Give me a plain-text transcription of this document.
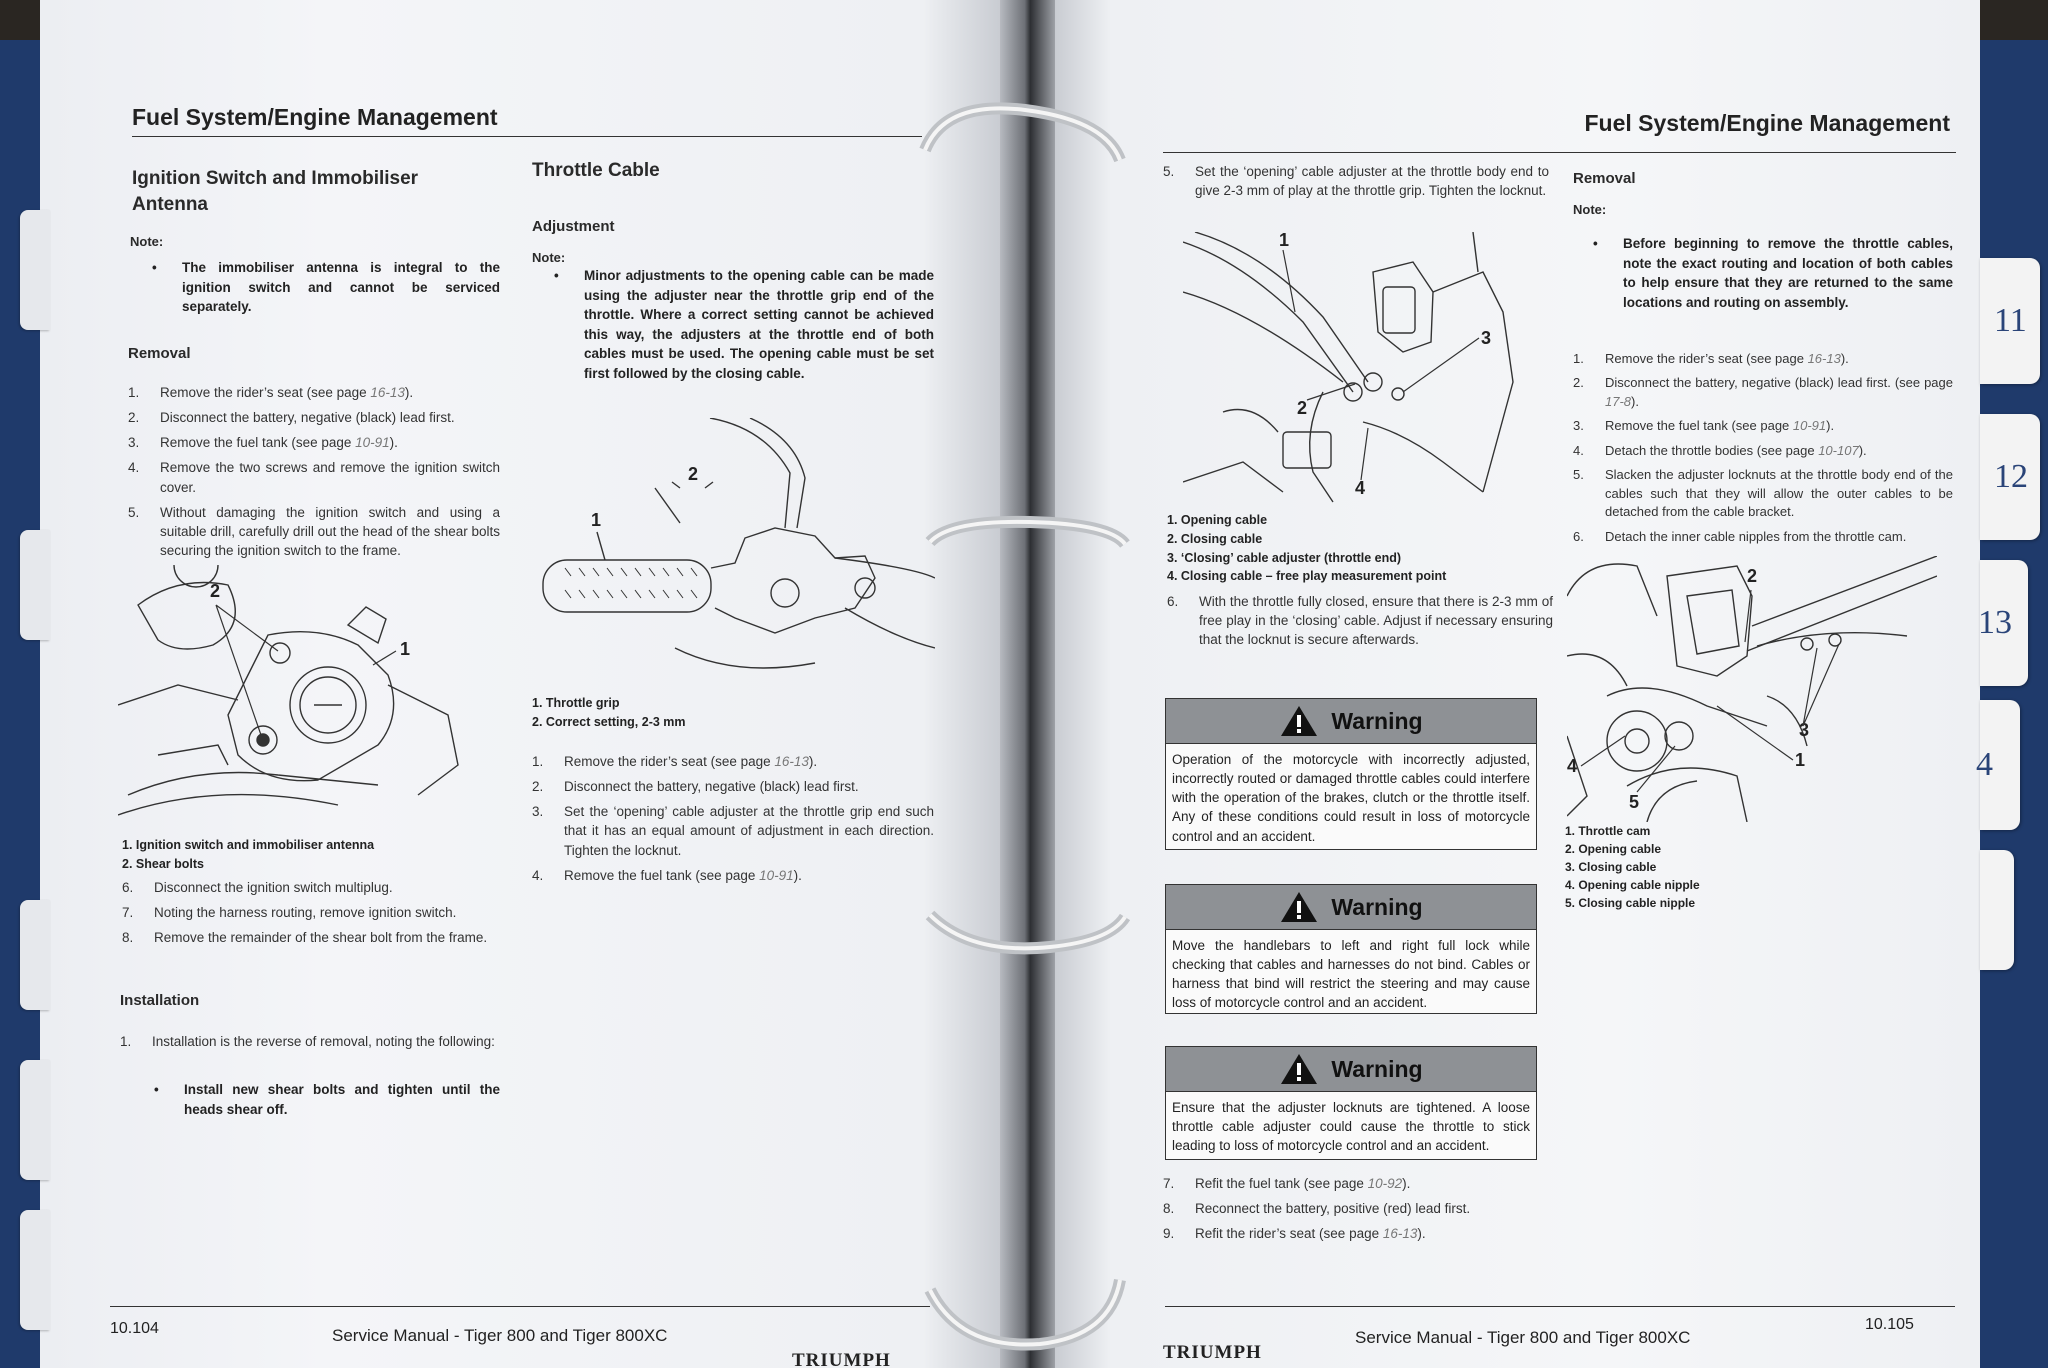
Fuel System/Engine Management
Ignition Switch and Immobiliser Antenna
Note:
• The immobiliser antenna is integral to the ignition switch and cannot be serviced separately.
Removal
1. Remove the rider’s seat (see page 16-13).
2. Disconnect the battery, negative (black) lead first.
3. Remove the fuel tank (see page 10-91).
4. Remove the two screws and remove the ignition switch cover.
5. Without damaging the ignition switch and using a suitable drill, carefully drill out the head of the shear bolts securing the ignition switch to the frame.
2
1
1. Ignition switch and immobiliser antenna
2. Shear bolts
6. Disconnect the ignition switch multiplug.
7. Noting the harness routing, remove ignition switch.
8. Remove the remainder of the shear bolt from the frame.
Installation
1. Installation is the reverse of removal, noting the following:
• Install new shear bolts and tighten until the heads shear off.
Throttle Cable
Adjustment
Note:
• Minor adjustments to the opening cable can be made using the adjuster near the throttle grip end of the throttle. Where a correct setting cannot be achieved this way, the adjusters at the throttle end of both cables must be used. The opening cable must be set first followed by the closing cable.
2
1
1. Throttle grip
2. Correct setting, 2-3 mm
1. Remove the rider’s seat (see page 16-13).
2. Disconnect the battery, negative (black) lead first.
3. Set the ‘opening’ cable adjuster at the throttle grip end such that it has an equal amount of adjustment in each direction. Tighten the locknut.
4. Remove the fuel tank (see page 10-91).
10.104	Service Manual - Tiger 800 and Tiger 800XC
TRIUMPH
Fuel System/Engine Management
5. Set the ‘opening’ cable adjuster at the throttle body end to give 2-3 mm of play at the throttle grip. Tighten the locknut.
1
3
2
4
1. Opening cable
2. Closing cable
3. ‘Closing’ cable adjuster (throttle end)
4. Closing cable – free play measurement point
6. With the throttle fully closed, ensure that there is 2-3 mm of free play in the ‘closing’ cable. Adjust if necessary ensuring that the locknut is secure afterwards.
Warning
Operation of the motorcycle with incorrectly adjusted, incorrectly routed or damaged throttle cables could interfere with the operation of the brakes, clutch or the throttle itself. Any of these conditions could result in loss of motorcycle control and an accident.
Warning
Move the handlebars to left and right full lock while checking that cables and harnesses do not bind. Cables or harness that bind will restrict the steering and may cause loss of motorcycle control and an accident.
Warning
Ensure that the adjuster locknuts are tightened. A loose throttle cable adjuster could cause the throttle to stick leading to loss of motorcycle control and an accident.
7. Refit the fuel tank (see page 10-92).
8. Reconnect the battery, positive (red) lead first.
9. Refit the rider’s seat (see page 16-13).
Removal
Note:
• Before beginning to remove the throttle cables, note the exact routing and location of both cables to help ensure that they are returned to the same locations and routing on assembly.
1. Remove the rider’s seat (see page 16-13).
2. Disconnect the battery, negative (black) lead first. (see page 17-8).
3. Remove the fuel tank (see page 10-91).
4. Detach the throttle bodies (see page 10-107).
5. Slacken the adjuster locknuts at the throttle body end of the cables such that they will allow the outer cables to be detached from the cable bracket.
6. Detach the inner cable nipples from the throttle cam.
2
3
1
4
5
1. Throttle cam
2. Opening cable
3. Closing cable
4. Opening cable nipple
5. Closing cable nipple
Service Manual - Tiger 800 and Tiger 800XC
10.105
TRIUMPH
11
12
13
4
